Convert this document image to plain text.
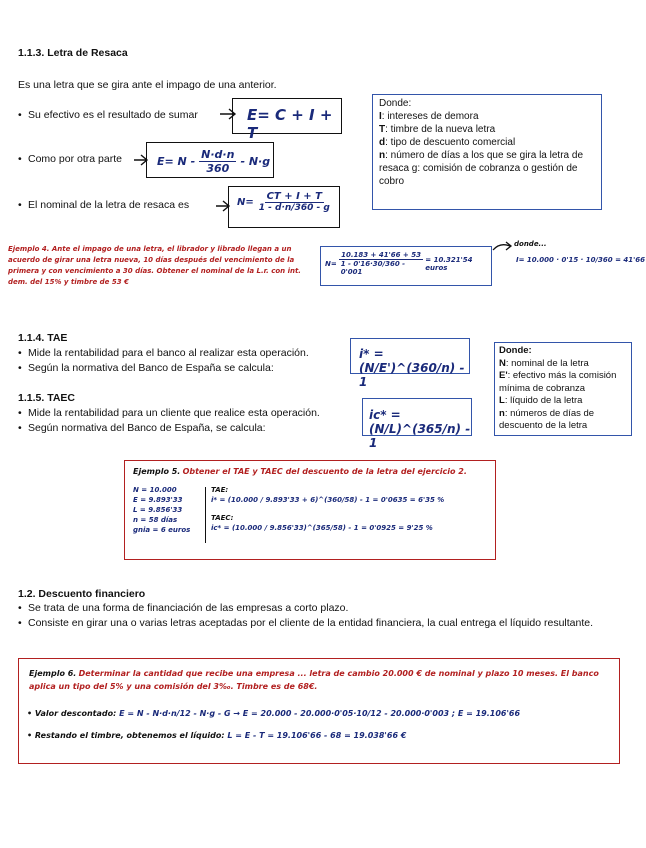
1.1.3. Letra de Resaca
Es una letra que se gira ante el impago de una anterior.
• Su efectivo es el resultado de sumar	E= C + I + T
• Como por otra parte	$E= N - \frac{N\cdot d\cdot n}{360} - N\cdot g$
• El nominal de la letra de resaca es	$N= \frac{CT + I + T}{1 - d\cdot n/360 - g}$
Donde:
I: intereses de demora
T: timbre de la nueva letra
d: tipo de descuento comercial
n: número de días a los que se gira la letra de resaca g: comisión de cobranza o gestión de cobro
Ejemplo 4. Ante el impago de una letra, el librador y librado llegan a un acuerdo de girar una letra nueva, 10 días después del vencimiento de la primera y con vencimiento a 30 días. Obtener el nominal de la L.r. con int. dem. del 15% y timbre de 53 €
$N= \frac{10.183 + 41'66 + 53}{1 - 0'16\cdot 30/360 - 0'001} = 10.321'54$ euros
donde...
I= 10.000 · 0'15 · 10/360 = 41'66
1.1.4. TAE
• Mide la rentabilidad para el banco al realizar esta operación.
• Según la normativa del Banco de España se calcula:
i* = (N/E')^(360/n) - 1
1.1.5. TAEC
• Mide la rentabilidad para un cliente que realice esta operación.
• Según normativa del Banco de España, se calcula:
ic* = (N/L)^(365/n) - 1
Donde:
N: nominal de la letra
E': efectivo más la comisión mínima de cobranza
L: líquido de la letra
n: números de días de descuento de la letra
Ejemplo 5. Obtener el TAE y TAEC del descuento de la letra del ejercicio 2.
N = 10.000
E = 9.893'33
L = 9.856'33
n = 58 días
gnia = 6 euros
TAE:
i* = (10.000 / 9.893'33 + 6)^(360/58) - 1 = 0'0635 = 6'35 %
TAEC:
ic* = (10.000 / 9.856'33)^(365/58) - 1 = 0'0925 = 9'25 %
1.2. Descuento financiero
• Se trata de una forma de financiación de las empresas a corto plazo.
• Consiste en girar una o varias letras aceptadas por el cliente de la entidad financiera, la cual entrega el líquido resultante.
Ejemplo 6. Determinar la cantidad que recibe una empresa ... letra de cambio 20.000 € de nominal y plazo 10 meses. El banco aplica un tipo del 5% y una comisión del 3‰. Timbre es de 68€.
• Valor descontado: E = N - N·d·n/12 - N·g - G → E = 20.000 - 20.000·0'05·10/12 - 20.000·0'003 ; E = 19.106'66
• Restando el timbre, obtenemos el líquido: L = E - T = 19.106'66 - 68 = 19.038'66 €
